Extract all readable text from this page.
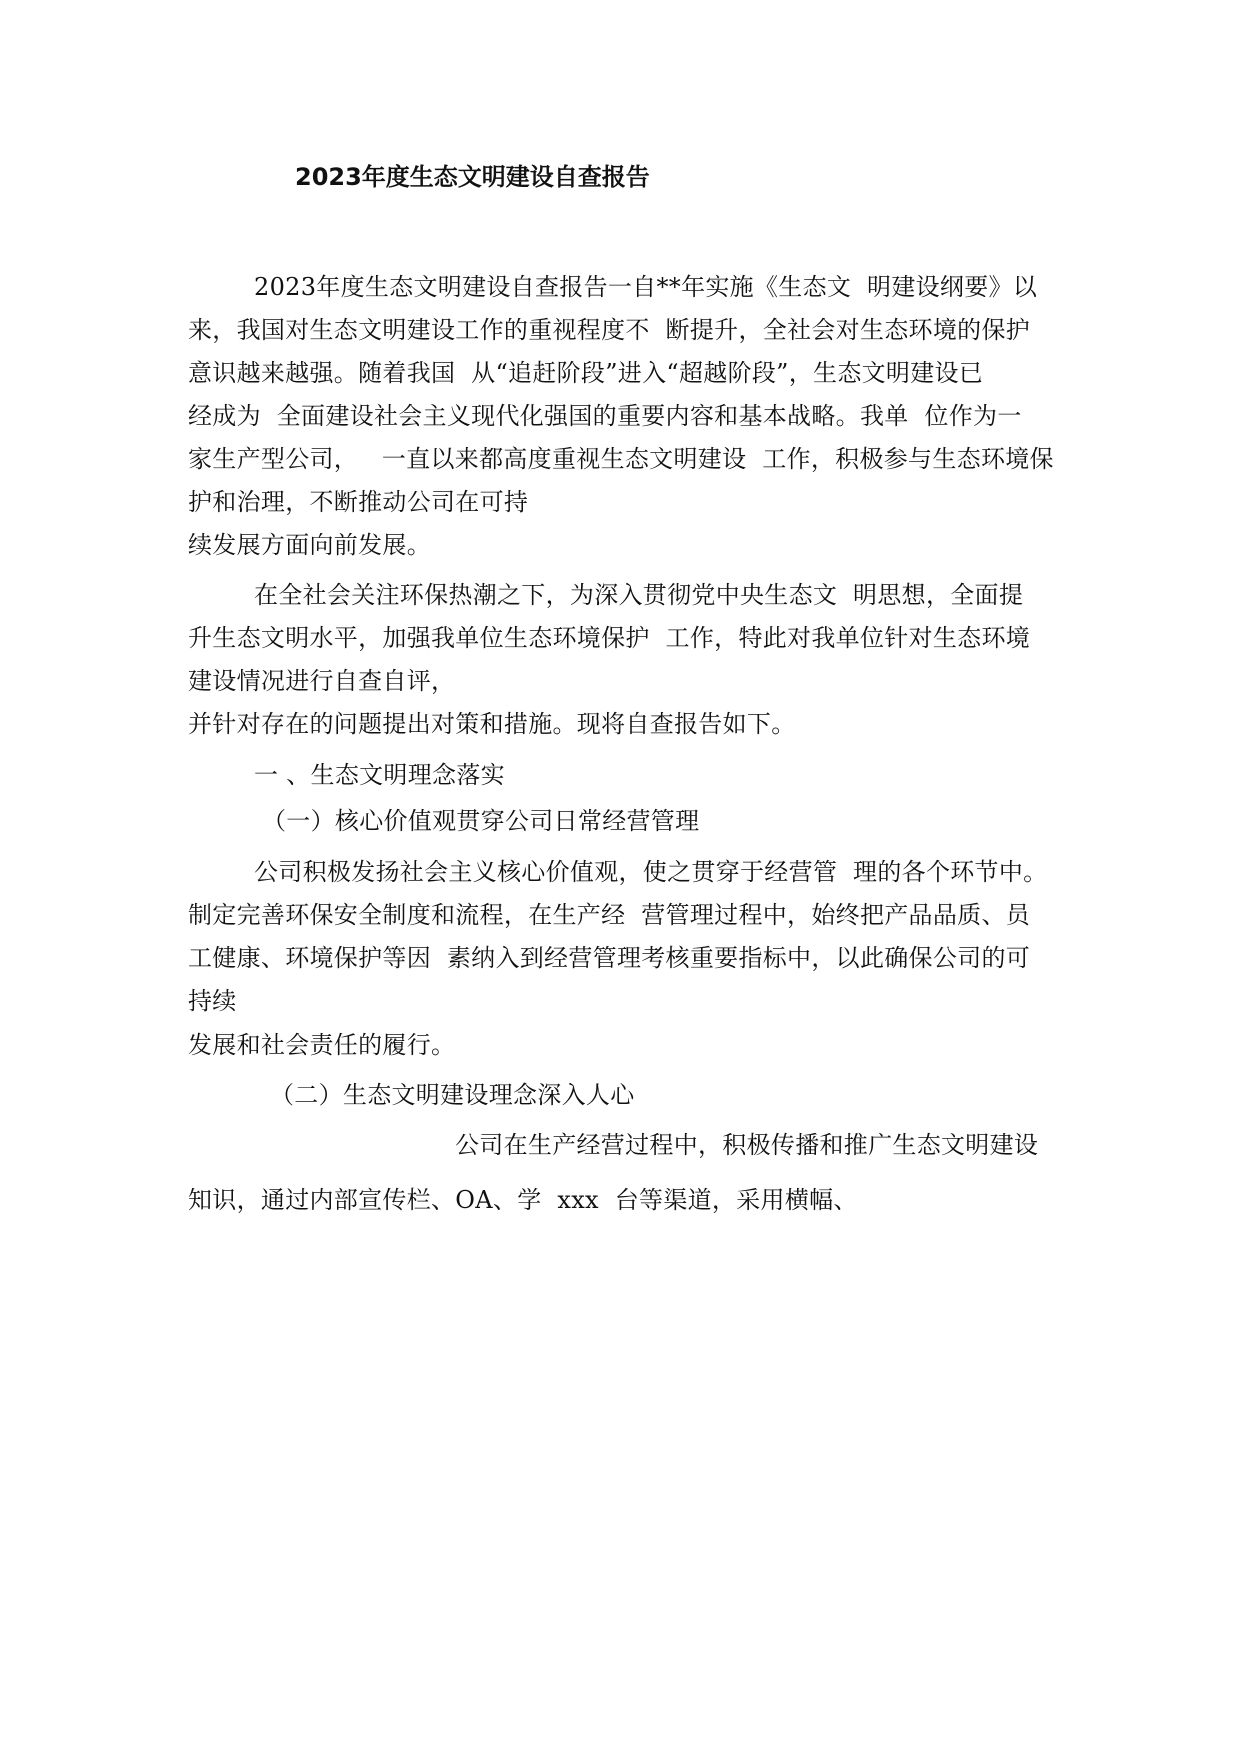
2023年度生态文明建设自查报告
2023年度生态文明建设自查报告一自**年实施《生态文  明建设纲要》以
来，我国对生态文明建设工作的重视程度不  断提升，全社会对生态环境的保护
意识越来越强。随着我国  从“追赶阶段”进入“超越阶段”，生态文明建设已
经成为  全面建设社会主义现代化强国的重要内容和基本战略。我单  位作为一
家生产型公司，   一直以来都高度重视生态文明建设  工作，积极参与生态环境保
护和治理，不断推动公司在可持
续发展方面向前发展。
在全社会关注环保热潮之下，为深入贯彻党中央生态文  明思想，全面提
升生态文明水平，加强我单位生态环境保护  工作，特此对我单位针对生态环境
建设情况进行自查自评，
并针对存在的问题提出对策和措施。现将自查报告如下。
一 、生态文明理念落实
（一）核心价值观贯穿公司日常经营管理
公司积极发扬社会主义核心价值观，使之贯穿于经营管  理的各个环节中。
制定完善环保安全制度和流程，在生产经  营管理过程中，始终把产品品质、员
工健康、环境保护等因  素纳入到经营管理考核重要指标中，以此确保公司的可
持续
发展和社会责任的履行。
（二）生态文明建设理念深入人心
公司在生产经营过程中，积极传播和推广生态文明建设
知识，通过内部宣传栏、OA、学  xxx  台等渠道，采用横幅、
